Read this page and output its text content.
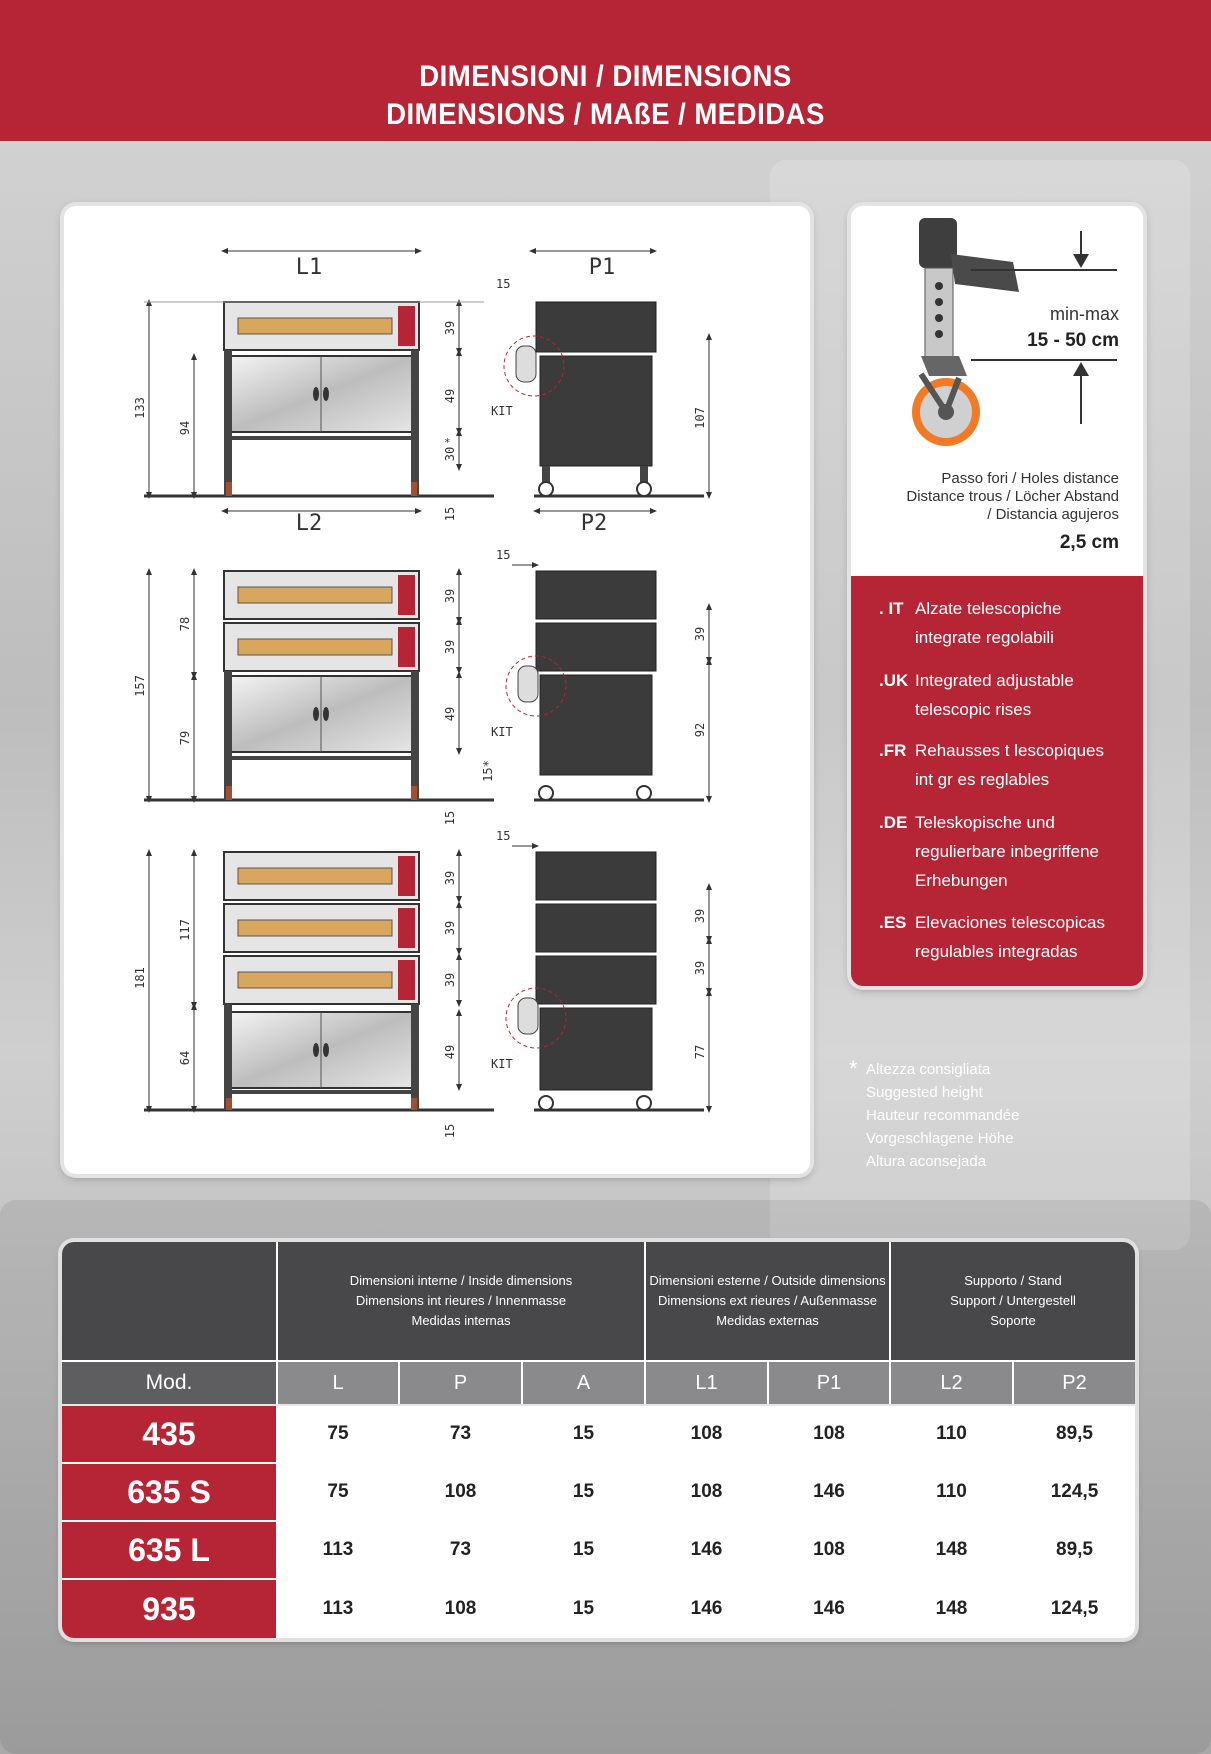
DIMENSIONI / DIMENSIONS
DIMENSIONS / MAßE / MEDIDAS
L1	P1
L2	P2
15
KIT
133
94
39
49
30
*
15
107
15
KIT
157
78
79
39
39
49
15*
15
39
92
15
KIT
181
117
64
39
39
39
49
15
39
39
77
min-max
15 - 50 cm
Passo fori / Holes distance
Distance trous / Löcher Abstand
/ Distancia agujeros
2,5 cm
. IT Alzate telescopiche integrate regolabili
.UK Integrated adjustable telescopic rises
.FR Rehausses t lescopiques int gr es reglables
.DE Teleskopische und regulierbare inbegriffene Erhebungen
.ES Elevaciones telescopicas regulables integradas
* Altezza consigliata
Suggested height
Hauteur recommandée
Vorgeschlagene Höhe
Altura aconsejada
Dimensioni interne / Inside dimensions
Dimensions int rieures / Innenmasse
Medidas internas
Dimensioni esterne / Outside dimensions
Dimensions ext rieures / Außenmasse
Medidas externas
Supporto / Stand
Support / Untergestell
Soporte
Mod.	L	P	A	L1	P1	L2	P2
435	75	73	15	108	108	110	89,5
635 S	75	108	15	108	146	110	124,5
635 L	113	73	15	146	108	148	89,5
935	113	108	15	146	146	148	124,5
